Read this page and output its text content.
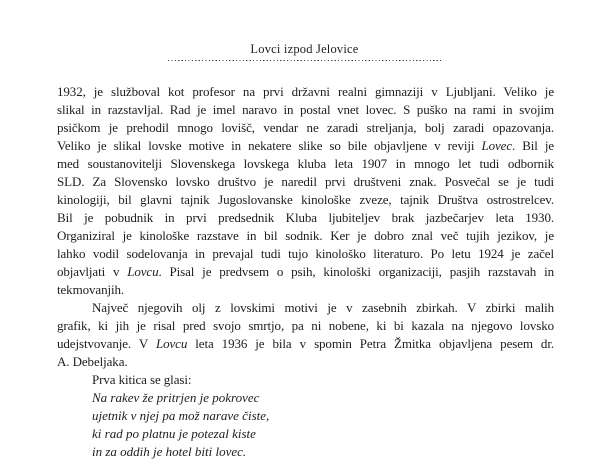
Lovci izpod Jelovice
1932, je služboval kot profesor na prvi državni realni gimnaziji v Ljubljani. Veliko je
slikal in razstavljal. Rad je imel naravo in postal vnet lovec. S puško na rami in svojim
psičkom je prehodil mnogo lovišč, vendar ne zaradi streljanja, bolj zaradi opazovanja.
Veliko je slikal lovske motive in nekatere slike so bile objavljene v reviji Lovec. Bil je
med soustanovitelji Slovenskega lovskega kluba leta 1907 in mnogo let tudi odbornik
SLD. Za Slovensko lovsko društvo je naredil prvi društveni znak. Posvečal se je tudi
kinologiji, bil glavni tajnik Jugoslovanske kinološke zveze, tajnik Društva ostrostrelcev.
Bil je pobudnik in prvi predsednik Kluba ljubiteljev brak jazbečarjev leta 1930.
Organiziral je kinološke razstave in bil sodnik. Ker je dobro znal več tujih jezikov, je
lahko vodil sodelovanja in prevajal tudi tujo kinološko literaturo. Po letu 1924 je začel
objavljati v Lovcu. Pisal je predvsem o psih, kinološki organizaciji, pasjih razstavah in
tekmovanjih.
Največ njegovih olj z lovskimi motivi je v zasebnih zbirkah. V zbirki malih
grafik, ki jih je risal pred svojo smrtjo, pa ni nobene, ki bi kazala na njegovo lovsko
udejstvovanje. V Lovcu leta 1936 je bila v spomin Petra Žmitka objavljena pesem dr.
A. Debeljaka.
Prva kitica se glasi:
Na rakev že pritrjen je pokrovec
ujetnik v njej pa mož narave čiste,
ki rad po platnu je potezal kiste
in za oddih je hotel biti lovec.
